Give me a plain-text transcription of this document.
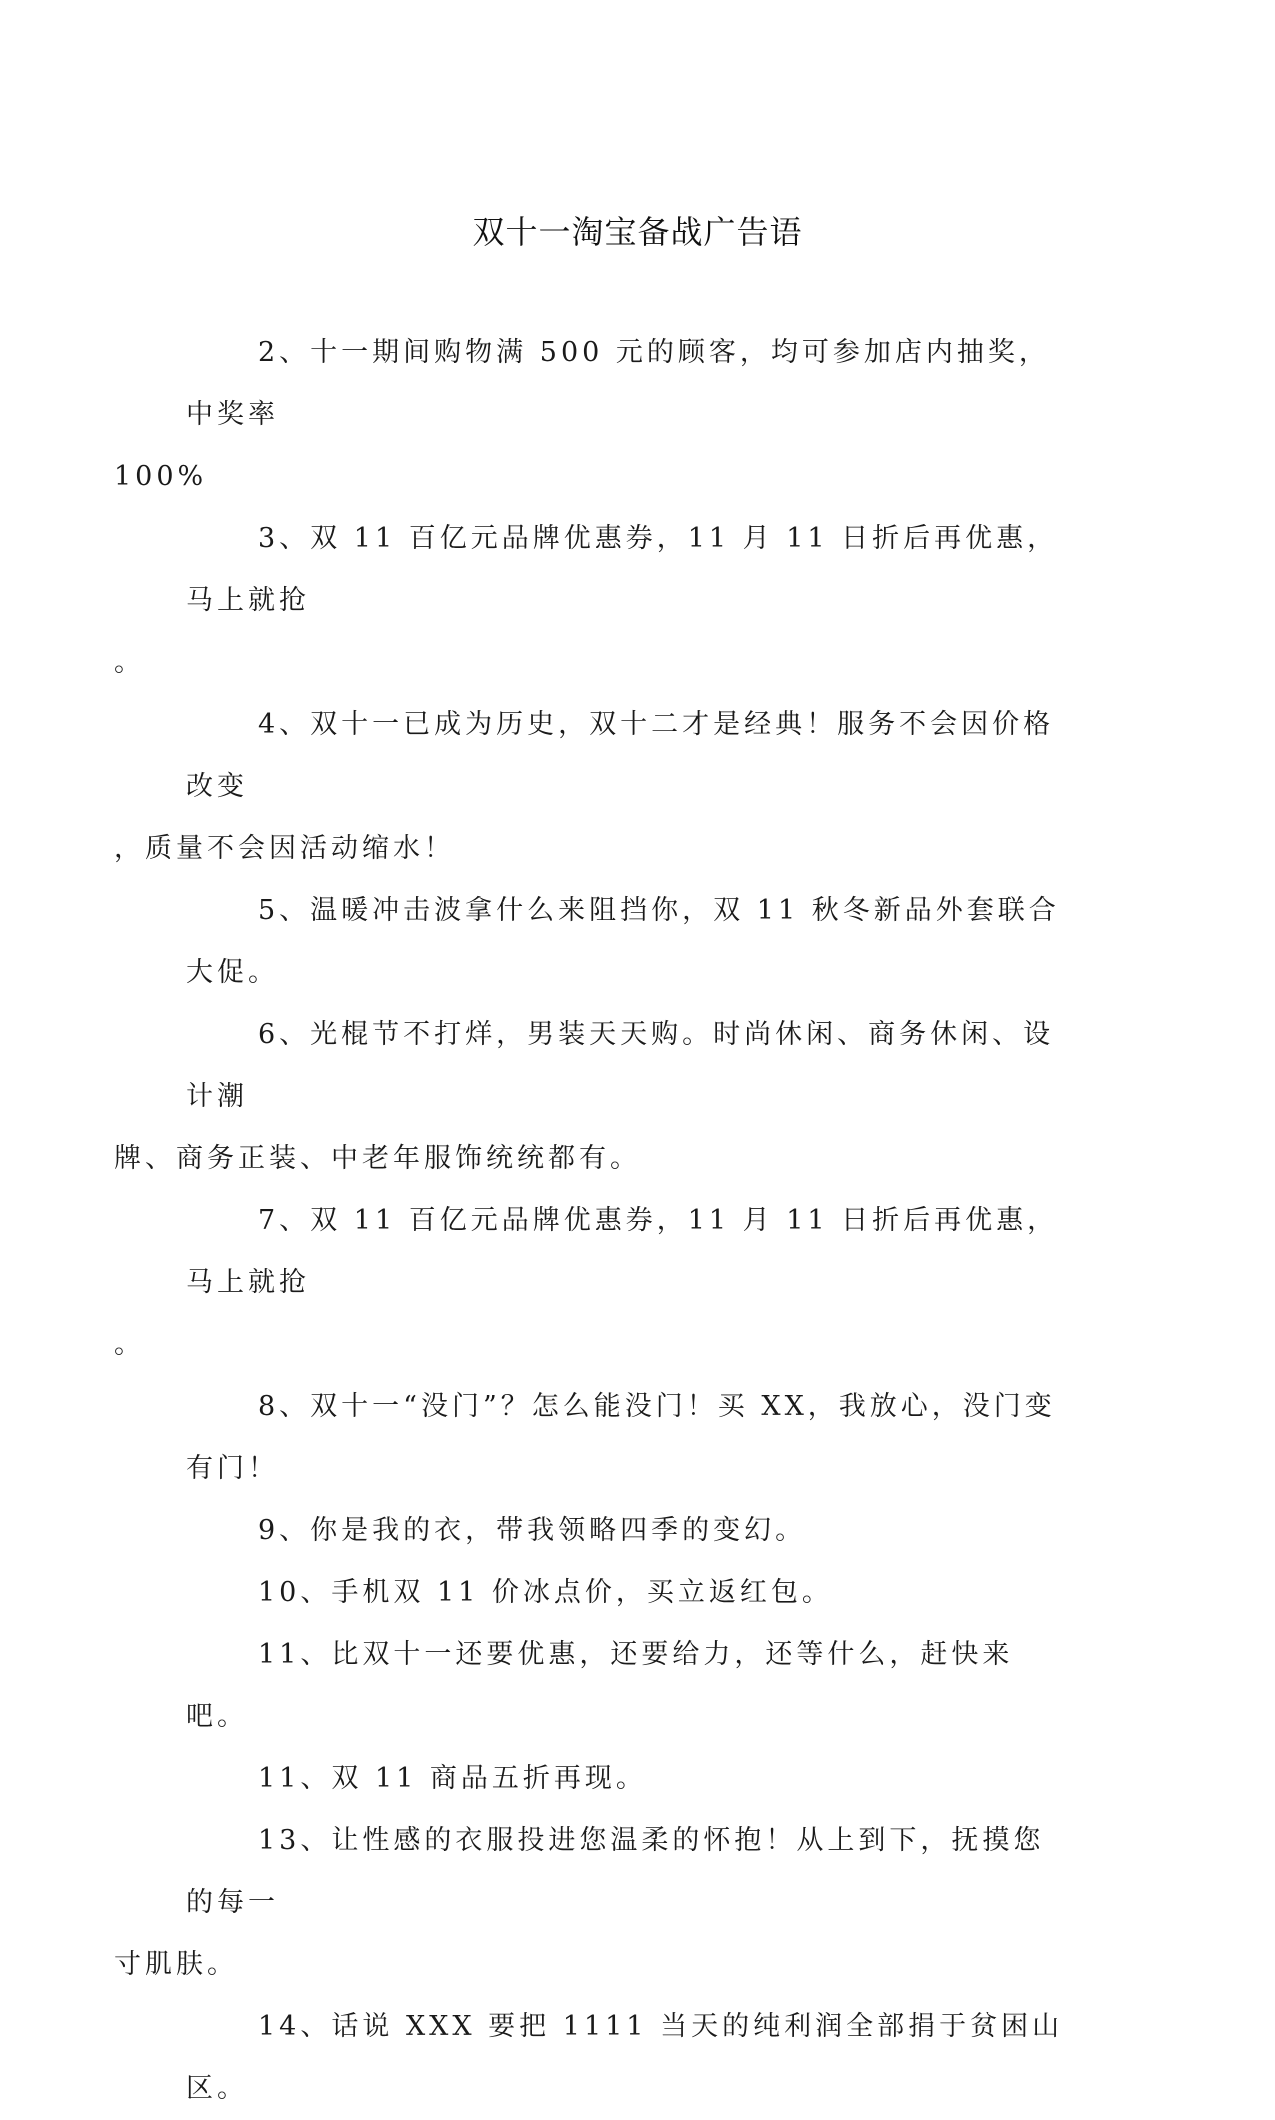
双十一淘宝备战广告语

2、十一期间购物满 500 元的顾客，均可参加店内抽奖，中奖率
100%

3、双 11 百亿元品牌优惠券，11 月 11 日折后再优惠，马上就抢
。

4、双十一已成为历史，双十二才是经典！服务不会因价格改变
，质量不会因活动缩水！

5、温暖冲击波拿什么来阻挡你，双 11 秋冬新品外套联合大促。

6、光棍节不打烊，男装天天购。时尚休闲、商务休闲、设计潮
牌、商务正装、中老年服饰统统都有。

7、双 11 百亿元品牌优惠券，11 月 11 日折后再优惠，马上就抢
。

8、双十一“没门”？怎么能没门！买 XX，我放心，没门变有门！

9、你是我的衣，带我领略四季的变幻。

10、手机双 11 价冰点价，买立返红包。

11、比双十一还要优惠，还要给力，还等什么，赶快来吧。

11、双 11 商品五折再现。

13、让性感的衣服投进您温柔的怀抱！从上到下，抚摸您的每一
寸肌肤。

14、话说 XXX 要把 1111 当天的纯利润全部捐于贫困山区。
